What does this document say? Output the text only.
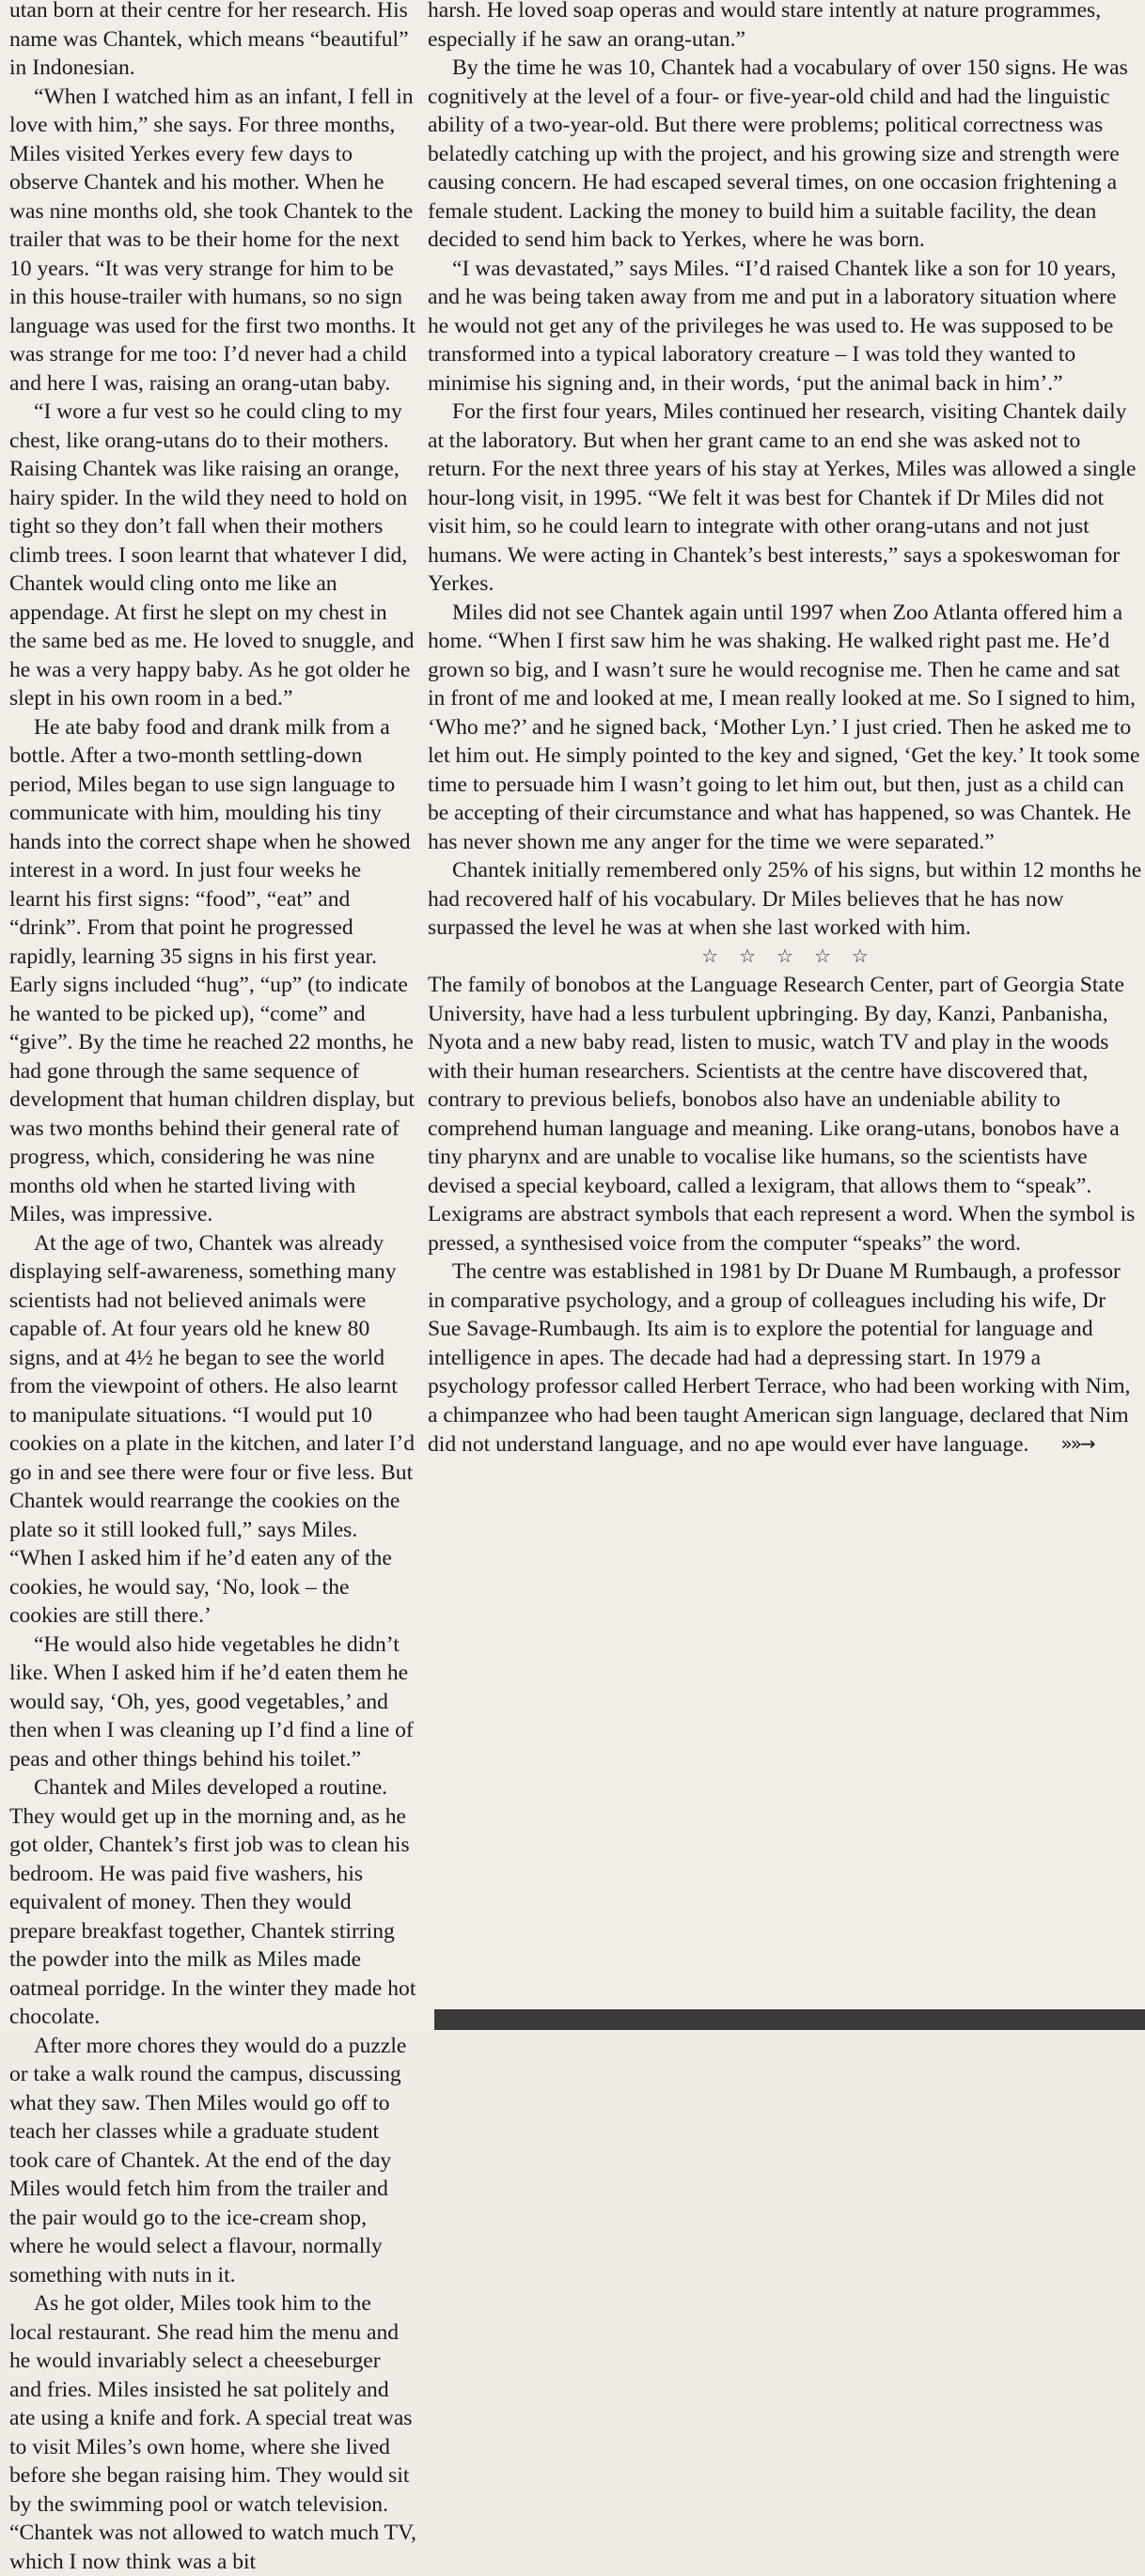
utan born at their centre for her research. His name was Chantek, which means “beautiful” in Indonesian.

“When I watched him as an infant, I fell in love with him,” she says. For three months, Miles visited Yerkes every few days to observe Chantek and his mother. When he was nine months old, she took Chantek to the trailer that was to be their home for the next 10 years. “It was very strange for him to be in this house-trailer with humans, so no sign language was used for the first two months. It was strange for me too: I’d never had a child and here I was, raising an orang-utan baby.

“I wore a fur vest so he could cling to my chest, like orang-utans do to their mothers. Raising Chantek was like raising an orange, hairy spider. In the wild they need to hold on tight so they don’t fall when their mothers climb trees. I soon learnt that whatever I did, Chantek would cling onto me like an appendage. At first he slept on my chest in the same bed as me. He loved to snuggle, and he was a very happy baby. As he got older he slept in his own room in a bed.”

He ate baby food and drank milk from a bottle. After a two-month settling-down period, Miles began to use sign language to communicate with him, moulding his tiny hands into the correct shape when he showed interest in a word. In just four weeks he learnt his first signs: “food”, “eat” and “drink”. From that point he progressed rapidly, learning 35 signs in his first year. Early signs included “hug”, “up” (to indicate he wanted to be picked up), “come” and “give”. By the time he reached 22 months, he had gone through the same sequence of development that human children display, but was two months behind their general rate of progress, which, considering he was nine months old when he started living with Miles, was impressive.

At the age of two, Chantek was already displaying self-awareness, something many scientists had not believed animals were capable of. At four years old he knew 80 signs, and at 4½ he began to see the world from the viewpoint of others. He also learnt to manipulate situations. “I would put 10 cookies on a plate in the kitchen, and later I’d go in and see there were four or five less. But Chantek would rearrange the cookies on the plate so it still looked full,” says Miles. “When I asked him if he’d eaten any of the cookies, he would say, ‘No, look – the cookies are still there.’

“He would also hide vegetables he didn’t like. When I asked him if he’d eaten them he would say, ‘Oh, yes, good vegetables,’ and then when I was cleaning up I’d find a line of peas and other things behind his toilet.”

Chantek and Miles developed a routine. They would get up in the morning and, as he got older, Chantek’s first job was to clean his bedroom. He was paid five washers, his equivalent of money. Then they would prepare breakfast together, Chantek stirring the powder into the milk as Miles made oatmeal porridge. In the winter they made hot chocolate.

After more chores they would do a puzzle or take a walk round the campus, discussing what they saw. Then Miles would go off to teach her classes while a graduate student took care of Chantek. At the end of the day Miles would fetch him from the trailer and the pair would go to the ice-cream shop, where he would select a flavour, normally something with nuts in it.

As he got older, Miles took him to the local restaurant. She read him the menu and he would invariably select a cheeseburger and fries. Miles insisted he sat politely and ate using a knife and fork. A special treat was to visit Miles’s own home, where she lived before she began raising him. They would sit by the swimming pool or watch television. “Chantek was not allowed to watch much TV, which I now think was a bit

harsh. He loved soap operas and would stare intently at nature programmes, especially if he saw an orang-utan.”

By the time he was 10, Chantek had a vocabulary of over 150 signs. He was cognitively at the level of a four- or five-year-old child and had the linguistic ability of a two-year-old. But there were problems; political correctness was belatedly catching up with the project, and his growing size and strength were causing concern. He had escaped several times, on one occasion frightening a female student. Lacking the money to build him a suitable facility, the dean decided to send him back to Yerkes, where he was born.

“I was devastated,” says Miles. “I’d raised Chantek like a son for 10 years, and he was being taken away from me and put in a laboratory situation where he would not get any of the privileges he was used to. He was supposed to be transformed into a typical laboratory creature – I was told they wanted to minimise his signing and, in their words, ‘put the animal back in him’.”

For the first four years, Miles continued her research, visiting Chantek daily at the laboratory. But when her grant came to an end she was asked not to return. For the next three years of his stay at Yerkes, Miles was allowed a single hour-long visit, in 1995. “We felt it was best for Chantek if Dr Miles did not visit him, so he could learn to integrate with other orang-utans and not just humans. We were acting in Chantek’s best interests,” says a spokeswoman for Yerkes.

Miles did not see Chantek again until 1997 when Zoo Atlanta offered him a home. “When I first saw him he was shaking. He walked right past me. He’d grown so big, and I wasn’t sure he would recognise me. Then he came and sat in front of me and looked at me, I mean really looked at me. So I signed to him, ‘Who me?’ and he signed back, ‘Mother Lyn.’ I just cried. Then he asked me to let him out. He simply pointed to the key and signed, ‘Get the key.’ It took some time to persuade him I wasn’t going to let him out, but then, just as a child can be accepting of their circumstance and what has happened, so was Chantek. He has never shown me any anger for the time we were separated.”

Chantek initially remembered only 25% of his signs, but within 12 months he had recovered half of his vocabulary. Dr Miles believes that he has now surpassed the level he was at when she last worked with him.

☆☆☆☆☆

The family of bonobos at the Language Research Center, part of Georgia State University, have had a less turbulent upbringing. By day, Kanzi, Panbanisha, Nyota and a new baby read, listen to music, watch TV and play in the woods with their human researchers. Scientists at the centre have discovered that, contrary to previous beliefs, bonobos also have an undeniable ability to comprehend human language and meaning. Like orang-utans, bonobos have a tiny pharynx and are unable to vocalise like humans, so the scientists have devised a special keyboard, called a lexigram, that allows them to “speak”. Lexigrams are abstract symbols that each represent a word. When the symbol is pressed, a synthesised voice from the computer “speaks” the word.

The centre was established in 1981 by Dr Duane M Rumbaugh, a professor in comparative psychology, and a group of colleagues including his wife, Dr Sue Savage-Rumbaugh. Its aim is to explore the potential for language and intelligence in apes. The decade had had a depressing start. In 1979 a psychology professor called Herbert Terrace, who had been working with Nim, a chimpanzee who had been taught American sign language, declared that Nim did not understand language, and no ape would ever have language. »»→
